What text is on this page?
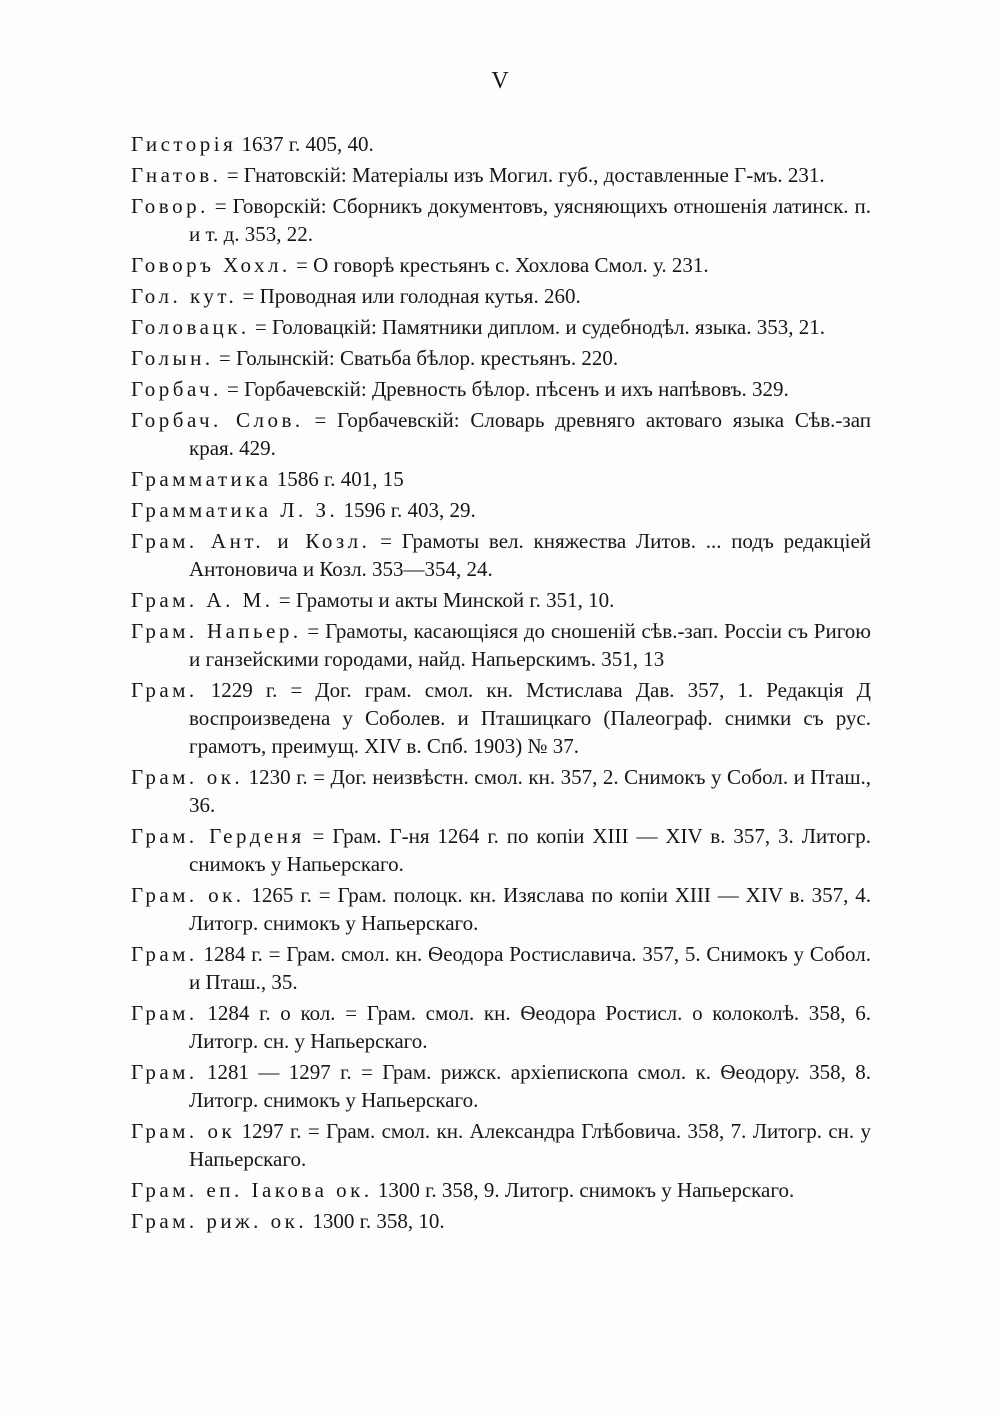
V
Гисторія 1637 г. 405, 40.
Гнатов. = Гнатовскій: Матеріалы изъ Могил. губ., доставленные Г-мъ. 231.
Говор. = Говорскій: Сборникъ документовъ, уясняющихъ отношенія латинск. п. и т. д. 353, 22.
Говоръ Хохл. = О говорѣ крестьянъ с. Хохлова Смол. у. 231.
Гол. кут. = Проводная или голодная кутья. 260.
Головацк. = Головацкій: Памятники диплом. и судебнодѣл. языка. 353, 21.
Голын. = Голынскій: Сватьба бѣлор. крестьянъ. 220.
Горбач. = Горбачевскій: Древность бѣлор. пѣсенъ и ихъ напѣвовъ. 329.
Горбач. Слов. = Горбачевскій: Словарь древняго актоваго языка Сѣв.-зап края. 429.
Грамматика 1586 г. 401, 15
Грамматика Л. З. 1596 г. 403, 29.
Грам. Ант. и Козл. = Грамоты вел. княжества Литов. ... подъ редакціей Антоновича и Козл. 353—354, 24.
Грам. А. М. = Грамоты и акты Минской г. 351, 10.
Грам. Напьер. = Грамоты, касающіяся до сношеній сѣв.-зап. Россіи съ Ригою и ганзейскими городами, найд. Напьерскимъ. 351, 13
Грам. 1229 г. = Дог. грам. смол. кн. Мстислава Дав. 357, 1. Редакція Д воспроизведена у Соболев. и Пташицкаго (Палеограф. снимки съ рус. грамотъ, преимущ. XIV в. Спб. 1903) № 37.
Грам. ок. 1230 г. = Дог. неизвѣстн. смол. кн. 357, 2. Снимокъ у Собол. и Пташ., 36.
Грам. Герденя = Грам. Г-ня 1264 г. по копіи XIII — XIV в. 357, 3. Литогр. снимокъ у Напьерскаго.
Грам. ок. 1265 г. = Грам. полоцк. кн. Изяслава по копіи XIII — XIV в. 357, 4. Литогр. снимокъ у Напьерскаго.
Грам. 1284 г. = Грам. смол. кн. Ѳеодора Ростиславича. 357, 5. Снимокъ у Собол. и Пташ., 35.
Грам. 1284 г. о кол. = Грам. смол. кн. Ѳеодора Ростисл. о колоколѣ. 358, 6. Литогр. сн. у Напьерскаго.
Грам. 1281 — 1297 г. = Грам. рижск. архіепископа смол. к. Ѳеодору. 358, 8. Литогр. снимокъ у Напьерскаго.
Грам. ок 1297 г. = Грам. смол. кн. Александра Глѣбовича. 358, 7. Литогр. сн. у Напьерскаго.
Грам. еп. Іакова ок. 1300 г. 358, 9. Литогр. снимокъ у Напьерскаго.
Грам. риж. ок. 1300 г. 358, 10.
